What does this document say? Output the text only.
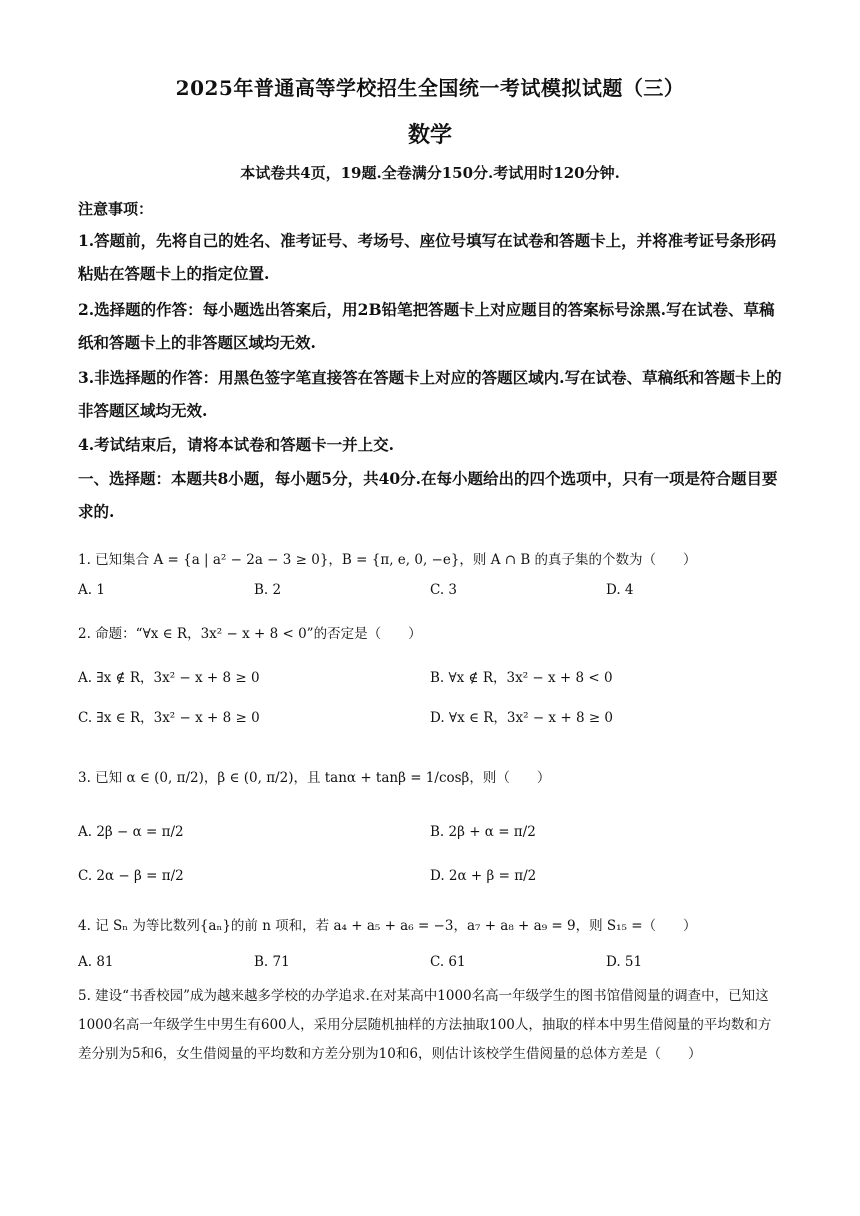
2025年普通高等学校招生全国统一考试模拟试题（三）
数学
本试卷共4页，19题.全卷满分150分.考试用时120分钟.
注意事项：
1.答题前，先将自己的姓名、准考证号、考场号、座位号填写在试卷和答题卡上，并将准考证号条形码粘贴在答题卡上的指定位置.
2.选择题的作答：每小题选出答案后，用2B铅笔把答题卡上对应题目的答案标号涂黑.写在试卷、草稿纸和答题卡上的非答题区域均无效.
3.非选择题的作答：用黑色签字笔直接答在答题卡上对应的答题区域内.写在试卷、草稿纸和答题卡上的非答题区域均无效.
4.考试结束后，请将本试卷和答题卡一并上交.
一、选择题：本题共8小题，每小题5分，共40分.在每小题给出的四个选项中，只有一项是符合题目要求的.
1. 已知集合 A = {a | a² − 2a − 3 ≥ 0}，B = {π, e, 0, −e}，则 A ∩ B 的真子集的个数为（　　）
A. 1	B. 2	C. 3	D. 4
2. 命题：“∀x ∈ R，3x² − x + 8 < 0”的否定是（　　）
A. ∃x ∉ R，3x² − x + 8 ≥ 0	B. ∀x ∉ R，3x² − x + 8 < 0
C. ∃x ∈ R，3x² − x + 8 ≥ 0	D. ∀x ∈ R，3x² − x + 8 ≥ 0
3. 已知 α ∈ (0, π/2)，β ∈ (0, π/2)，且 tanα + tanβ = 1/cosβ，则（　　）
A. 2β − α = π/2	B. 2β + α = π/2
C. 2α − β = π/2	D. 2α + β = π/2
4. 记 Sₙ 为等比数列{aₙ}的前 n 项和，若 a₄ + a₅ + a₆ = −3，a₇ + a₈ + a₉ = 9，则 S₁₅ =（　　）
A. 81	B. 71	C. 61	D. 51
5. 建设“书香校园”成为越来越多学校的办学追求.在对某高中1000名高一年级学生的图书馆借阅量的调查中，已知这1000名高一年级学生中男生有600人，采用分层随机抽样的方法抽取100人，抽取的样本中男生借阅量的平均数和方差分别为5和6，女生借阅量的平均数和方差分别为10和6，则估计该校学生借阅量的总体方差是（　　）
